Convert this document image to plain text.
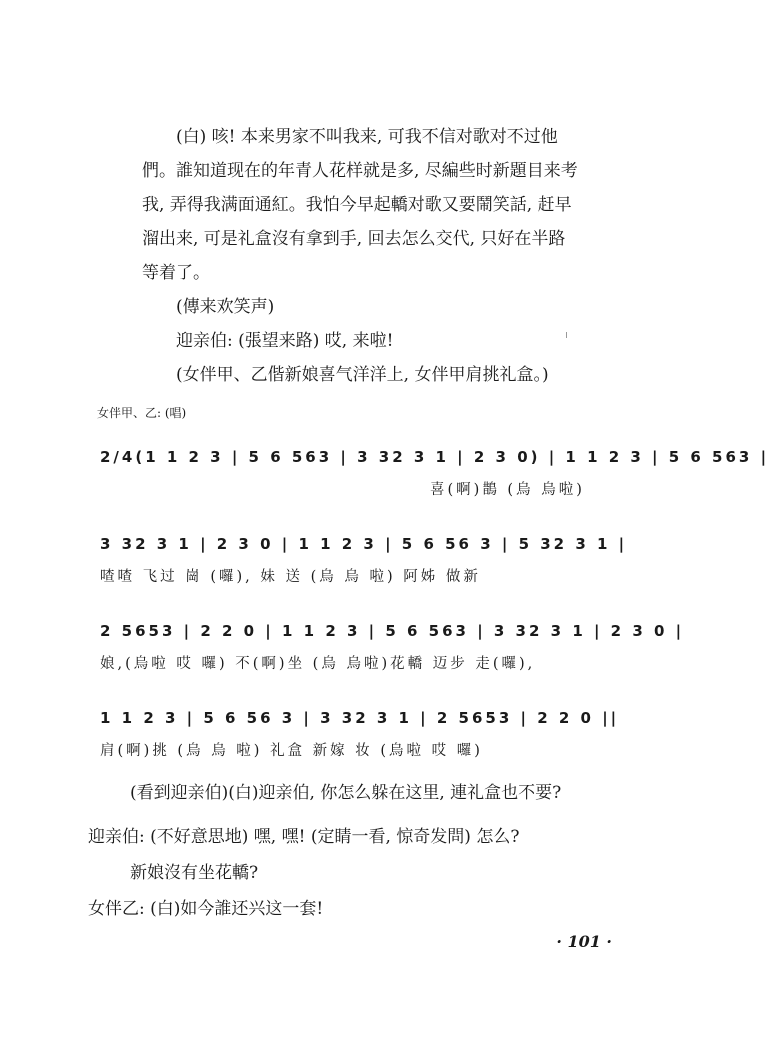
(白) 咳! 本来男家不叫我来, 可我不信对歌对不过他
們。誰知道现在的年青人花样就是多, 尽編些时新題目来考
我, 弄得我满面通紅。我怕今早起轎对歌又要鬧笑話, 赶早
溜出来, 可是礼盒沒有拿到手, 回去怎么交代, 只好在半路
等着了。
(傳来欢笑声)
迎亲伯: (張望来路) 哎, 来啦!
(女伴甲、乙偕新娘喜气洋洋上, 女伴甲肩挑礼盒。)
女伴甲、乙: (唱)
2/4(1 1 2 3 | 5 6 563 | 3 32 3 1 | 2 3 0) | 1 1 2 3 | 5 6 563 |
喜(啊)鵲 (烏 烏啦)
3 32 3 1 | 2 3 0 | 1 1 2 3 | 5 6 56 3 | 5 32 3 1 |
喳喳 飞过 崗 (囉), 妹 送 (烏 烏 啦) 阿姊 做新
2 5653 | 2 2 0 | 1 1 2 3 | 5 6 563 | 3 32 3 1 | 2 3 0 |
娘,(烏啦 哎 囉) 不(啊)坐 (烏 烏啦)花轎 迈步 走(囉),
1 1 2 3 | 5 6 56 3 | 3 32 3 1 | 2 5653 | 2 2 0 ||
肩(啊)挑 (烏 烏 啦) 礼盒 新嫁 妆 (烏啦 哎 囉)
(看到迎亲伯)(白)迎亲伯, 你怎么躲在这里, 連礼盒也不要?
迎亲伯: (不好意思地) 嘿, 嘿! (定睛一看, 惊奇发問) 怎么?
新娘沒有坐花轎?
女伴乙: (白)如今誰还兴这一套!
· 101 ·
